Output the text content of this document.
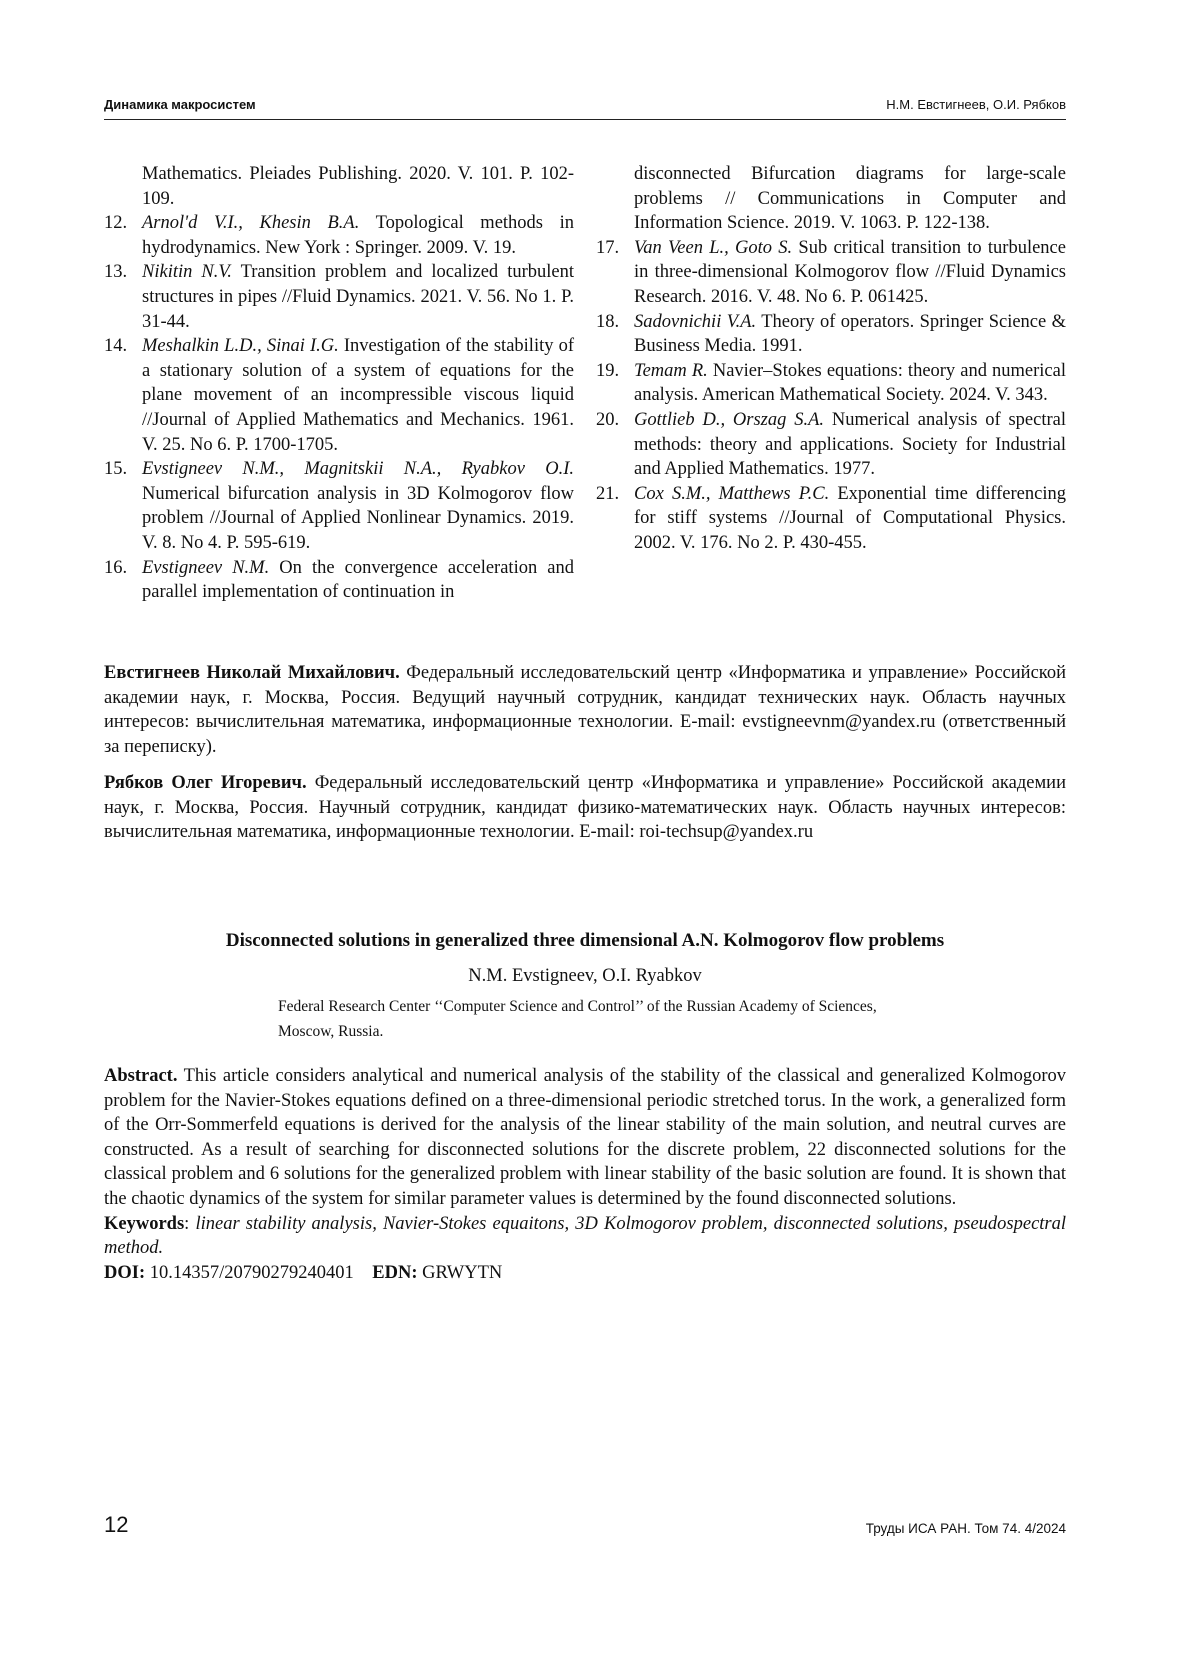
Динамика макросистем	Н.М. Евстигнеев, О.И. Рябков
Mathematics. Pleiades Publishing. 2020. V. 101. P. 102-109.
12. Arnol'd V.I., Khesin B.A. Topological methods in hydrodynamics. New York : Springer. 2009. V. 19.
13. Nikitin N.V. Transition problem and localized turbulent structures in pipes //Fluid Dynamics. 2021. V. 56. No 1. P. 31-44.
14. Meshalkin L.D., Sinai I.G. Investigation of the stability of a stationary solution of a system of equations for the plane movement of an incompressible viscous liquid //Journal of Applied Mathematics and Mechanics. 1961. V. 25. No 6. P. 1700-1705.
15. Evstigneev N.M., Magnitskii N.A., Ryabkov O.I. Numerical bifurcation analysis in 3D Kolmogorov flow problem //Journal of Applied Nonlinear Dynamics. 2019. V. 8. No 4. P. 595-619.
16. Evstigneev N.M. On the convergence acceleration and parallel implementation of continuation in
disconnected Bifurcation diagrams for large-scale problems // Communications in Computer and Information Science. 2019. V. 1063. P. 122-138.
17. Van Veen L., Goto S. Sub critical transition to turbulence in three-dimensional Kolmogorov flow //Fluid Dynamics Research. 2016. V. 48. No 6. P. 061425.
18. Sadovnichii V.A. Theory of operators. Springer Science & Business Media. 1991.
19. Temam R. Navier–Stokes equations: theory and numerical analysis. American Mathematical Society. 2024. V. 343.
20. Gottlieb D., Orszag S.A. Numerical analysis of spectral methods: theory and applications. Society for Industrial and Applied Mathematics. 1977.
21. Cox S.M., Matthews P.C. Exponential time differencing for stiff systems //Journal of Computational Physics. 2002. V. 176. No 2. P. 430-455.
Евстигнеев Николай Михайлович. Федеральный исследовательский центр «Информатика и управление» Российской академии наук, г. Москва, Россия. Ведущий научный сотрудник, кандидат технических наук. Область научных интересов: вычислительная математика, информационные технологии. E-mail: evstigneevnm@yandex.ru (ответственный за переписку).
Рябков Олег Игоревич. Федеральный исследовательский центр «Информатика и управление» Российской академии наук, г. Москва, Россия. Научный сотрудник, кандидат физико-математических наук. Область научных интересов: вычислительная математика, информационные технологии. E-mail: roi-techsup@yandex.ru
Disconnected solutions in generalized three dimensional A.N. Kolmogorov flow problems
N.M. Evstigneev, O.I. Ryabkov
Federal Research Center ‘‘Computer Science and Control’’ of the Russian Academy of Sciences, Moscow, Russia.
Abstract. This article considers analytical and numerical analysis of the stability of the classical and generalized Kolmogorov problem for the Navier-Stokes equations defined on a three-dimensional periodic stretched torus. In the work, a generalized form of the Orr-Sommerfeld equations is derived for the analysis of the linear stability of the main solution, and neutral curves are constructed. As a result of searching for disconnected solutions for the discrete problem, 22 disconnected solutions for the classical problem and 6 solutions for the generalized problem with linear stability of the basic solution are found. It is shown that the chaotic dynamics of the system for similar parameter values is determined by the found disconnected solutions.
Keywords: linear stability analysis, Navier-Stokes equaitons, 3D Kolmogorov problem, disconnected solutions, pseudospectral method.
DOI: 10.14357/20790279240401 EDN: GRWYTN
12	Труды ИСА РАН. Том 74. 4/2024
